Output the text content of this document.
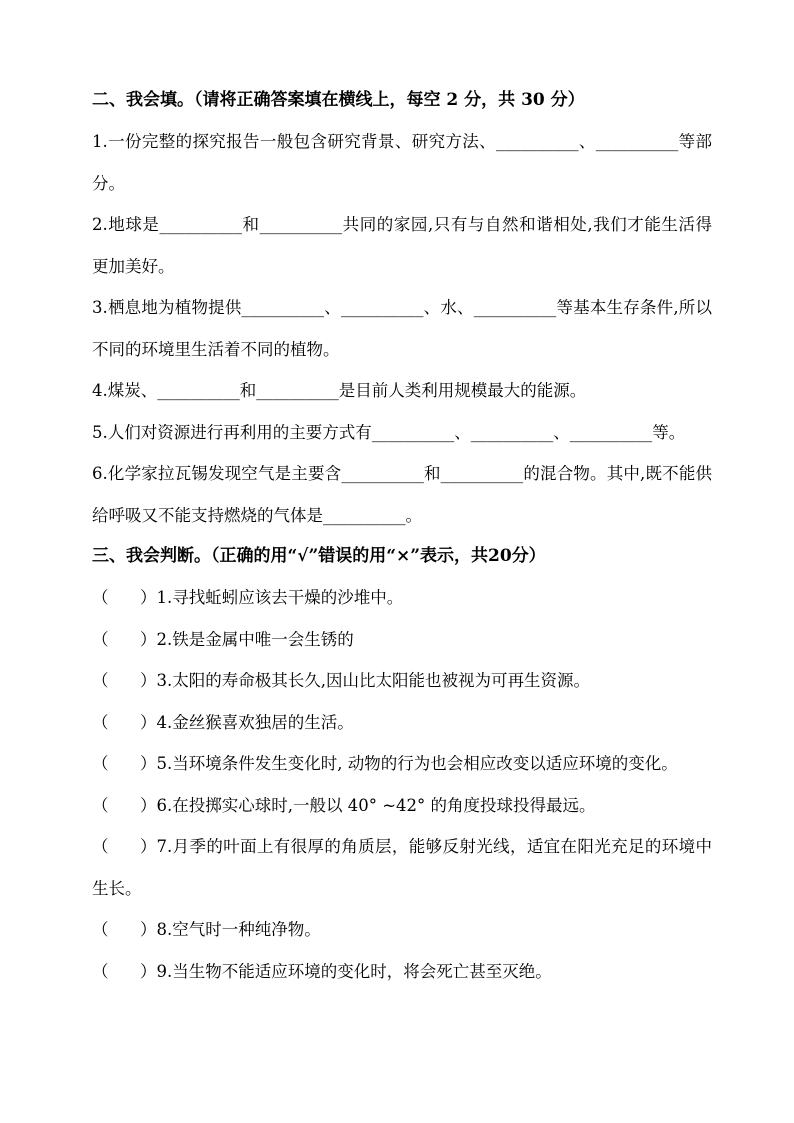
二、我会填。（请将正确答案填在横线上，每空 2 分，共 30 分）
1.一份完整的探究报告一般包含研究背景、研究方法、__________、__________等部分。
2.地球是__________和__________共同的家园,只有与自然和谐相处,我们才能生活得更加美好。
3.栖息地为植物提供__________、__________、水、__________等基本生存条件,所以不同的环境里生活着不同的植物。
4.煤炭、__________和__________是目前人类利用规模最大的能源。
5.人们对资源进行再利用的主要方式有__________、__________、__________等。
6.化学家拉瓦锡发现空气是主要含__________和__________的混合物。其中,既不能供给呼吸又不能支持燃烧的气体是__________。
三、我会判断。（正确的用“√”错误的用“×”表示，共20分）
（      ）1.寻找蚯蚓应该去干燥的沙堆中。
（      ）2.铁是金属中唯一会生锈的
（      ）3.太阳的寿命极其长久,因山比太阳能也被视为可再生资源。
（      ）4.金丝猴喜欢独居的生活。
（      ）5.当环境条件发生变化时, 动物的行为也会相应改变以适应环境的变化。
（      ）6.在投掷实心球时,一般以 40° ~42° 的角度投球投得最远。
（      ）7.月季的叶面上有很厚的角质层，能够反射光线，适宜在阳光充足的环境中生长。
（      ）8.空气时一种纯净物。
（      ）9.当生物不能适应环境的变化时，将会死亡甚至灭绝。
